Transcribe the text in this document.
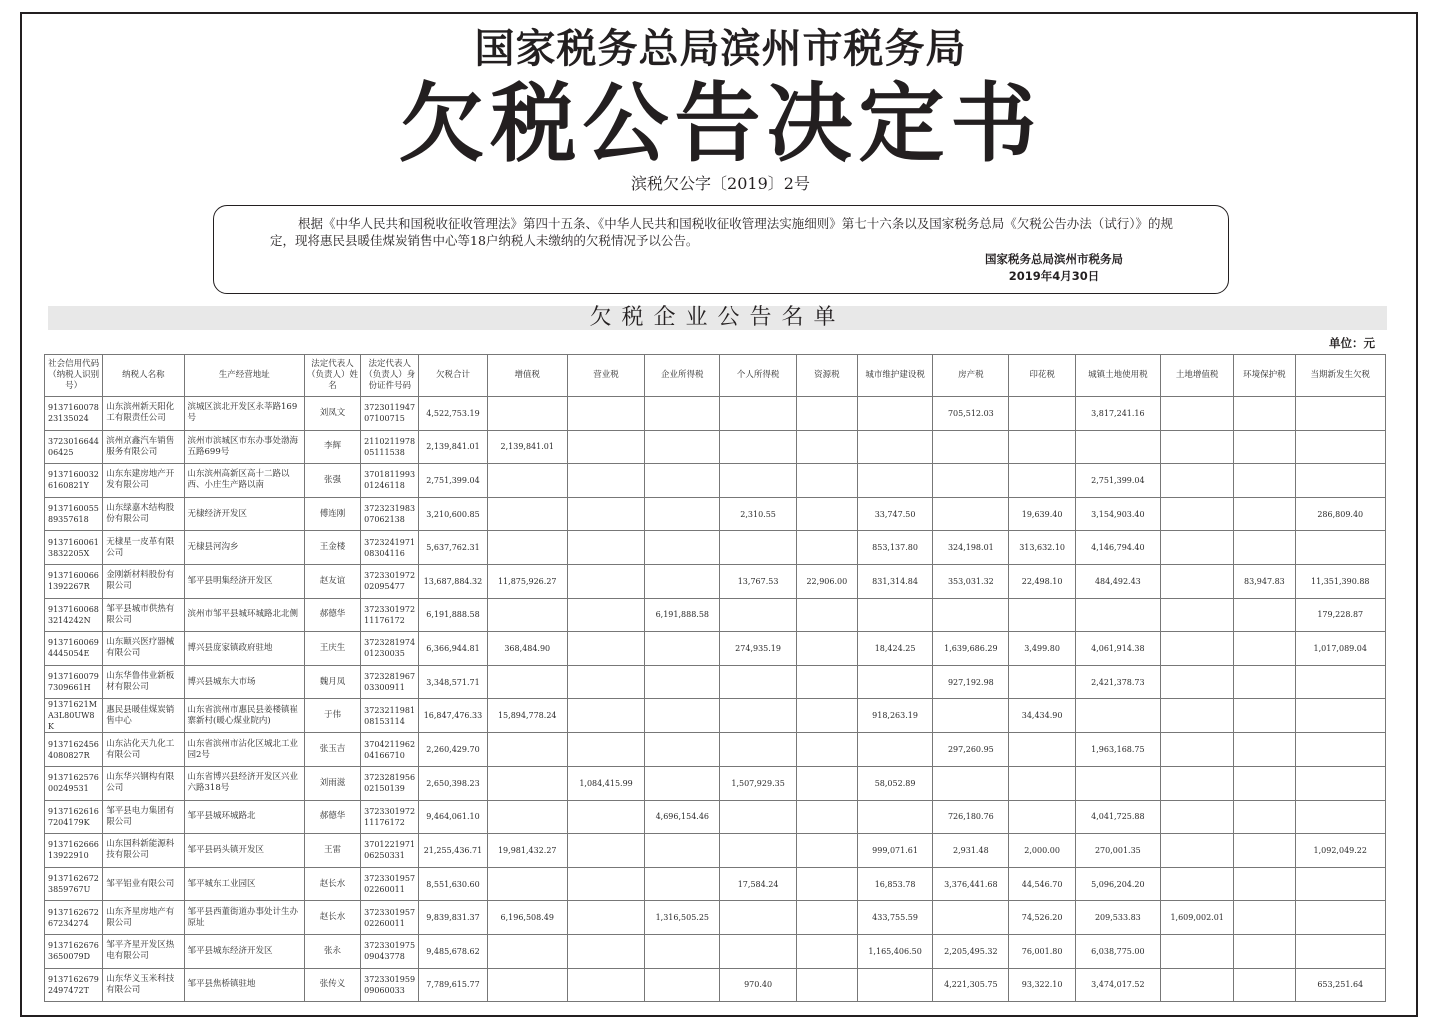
国家税务总局滨州市税务局
欠税公告决定书
滨税欠公字〔2019〕2号
根据《中华人民共和国税收征收管理法》第四十五条、《中华人民共和国税收征收管理法实施细则》第七十六条以及国家税务总局《欠税公告办法（试行）》的规定，现将惠民县暖佳煤炭销售中心等18户纳税人未缴纳的欠税情况予以公告。
国家税务总局滨州市税务局
2019年4月30日
欠税企业公告名单
单位：元
社会信用代码（纳税人识别号）	纳税人名称	生产经营地址	法定代表人（负责人）姓名	法定代表人（负责人）身份证件号码	欠税合计	增值税	营业税	企业所得税	个人所得税	资源税	城市维护建设税	房产税	印花税	城镇土地使用税	土地增值税	环境保护税	当期新发生欠税
913716007823135024	山东滨州新天阳化工有限责任公司	滨城区滨北开发区永莘路169号	刘凤文	372301194707100715	4,522,753.19							705,512.03		3,817,241.16			
372301664406425	滨州京鑫汽车销售服务有限公司	滨州市滨城区市东办事处渤海五路699号	李辉	211021197805111538	2,139,841.01	2,139,841.01											
91371600326160821Y	山东东建房地产开发有限公司	山东滨州高新区高十二路以西、小庄生产路以南	张强	370181199301246118	2,751,399.04									2,751,399.04			
913716005589357618	山东绿嘉木结构股份有限公司	无棣经济开发区	傅连刚	372323198307062138	3,210,600.85				2,310.55		33,747.50		19,639.40	3,154,903.40			286,809.40
91371600613832205X	无棣星一皮革有限公司	无棣县河沟乡	王金楼	372324197108304116	5,637,762.31						853,137.80	324,198.01	313,632.10	4,146,794.40			
91371600661392267R	金刚新材料股份有限公司	邹平县明集经济开发区	赵友谊	372330197202095477	13,687,884.32	11,875,926.27			13,767.53	22,906.00	831,314.84	353,031.32	22,498.10	484,492.43		83,947.83	11,351,390.88
91371600683214242N	邹平县城市供热有限公司	滨州市邹平县城环城路北北侧	郝德华	372330197211176172	6,191,888.58			6,191,888.58									179,228.87
91371600694445054E	山东颐兴医疗器械有限公司	博兴县庞家镇政府驻地	王庆生	372328197401230035	6,366,944.81	368,484.90			274,935.19		18,424.25	1,639,686.29	3,499.80	4,061,914.38			1,017,089.04
91371600797309661H	山东华鲁伟业新板材有限公司	博兴县城东大市场	魏月凤	372328196703300911	3,348,571.71							927,192.98		2,421,378.73			
91371621MA3L80UW8K	惠民县暖佳煤炭销售中心	山东省滨州市惠民县姜楼镇崔寨新村(暖心煤业院内)	于伟	372321198108153114	16,847,476.33	15,894,778.24					918,263.19		34,434.90				
91371624564080827R	山东沾化天九化工有限公司	山东省滨州市沾化区城北工业园2号	张玉吉	370421196204166710	2,260,429.70							297,260.95		1,963,168.75			
913716257600249531	山东华兴钢构有限公司	山东省博兴县经济开发区兴业六路318号	刘雨滋	372328195602150139	2,650,398.23		1,084,415.99		1,507,929.35		58,052.89						
91371626167204179K	邹平县电力集团有限公司	邹平县城环城路北	郝德华	372330197211176172	9,464,061.10			4,696,154.46				726,180.76		4,041,725.88			
913716266613922910	山东国科新能源科技有限公司	邹平县码头镇开发区	王雷	370122197106250331	21,255,436.71	19,981,432.27					999,071.61	2,931.48	2,000.00	270,001.35			1,092,049.22
91371626723859767U	邹平铝业有限公司	邹平城东工业园区	赵长水	372330195702260011	8,551,630.60				17,584.24		16,853.78	3,376,441.68	44,546.70	5,096,204.20			
913716267267234274	山东齐星房地产有限公司	邹平县西董街道办事处计生办原址	赵长水	372330195702260011	9,839,831.37	6,196,508.49		1,316,505.25			433,755.59		74,526.20	209,533.83	1,609,002.01		
91371626763650079D	邹平齐星开发区热电有限公司	邹平县城东经济开发区	张永	372330197509043778	9,485,678.62						1,165,406.50	2,205,495.32	76,001.80	6,038,775.00			
91371626792497472T	山东华义玉米科技有限公司	邹平县焦桥镇驻地	张传义	372330195909060033	7,789,615.77				970.40			4,221,305.75	93,322.10	3,474,017.52			653,251.64
